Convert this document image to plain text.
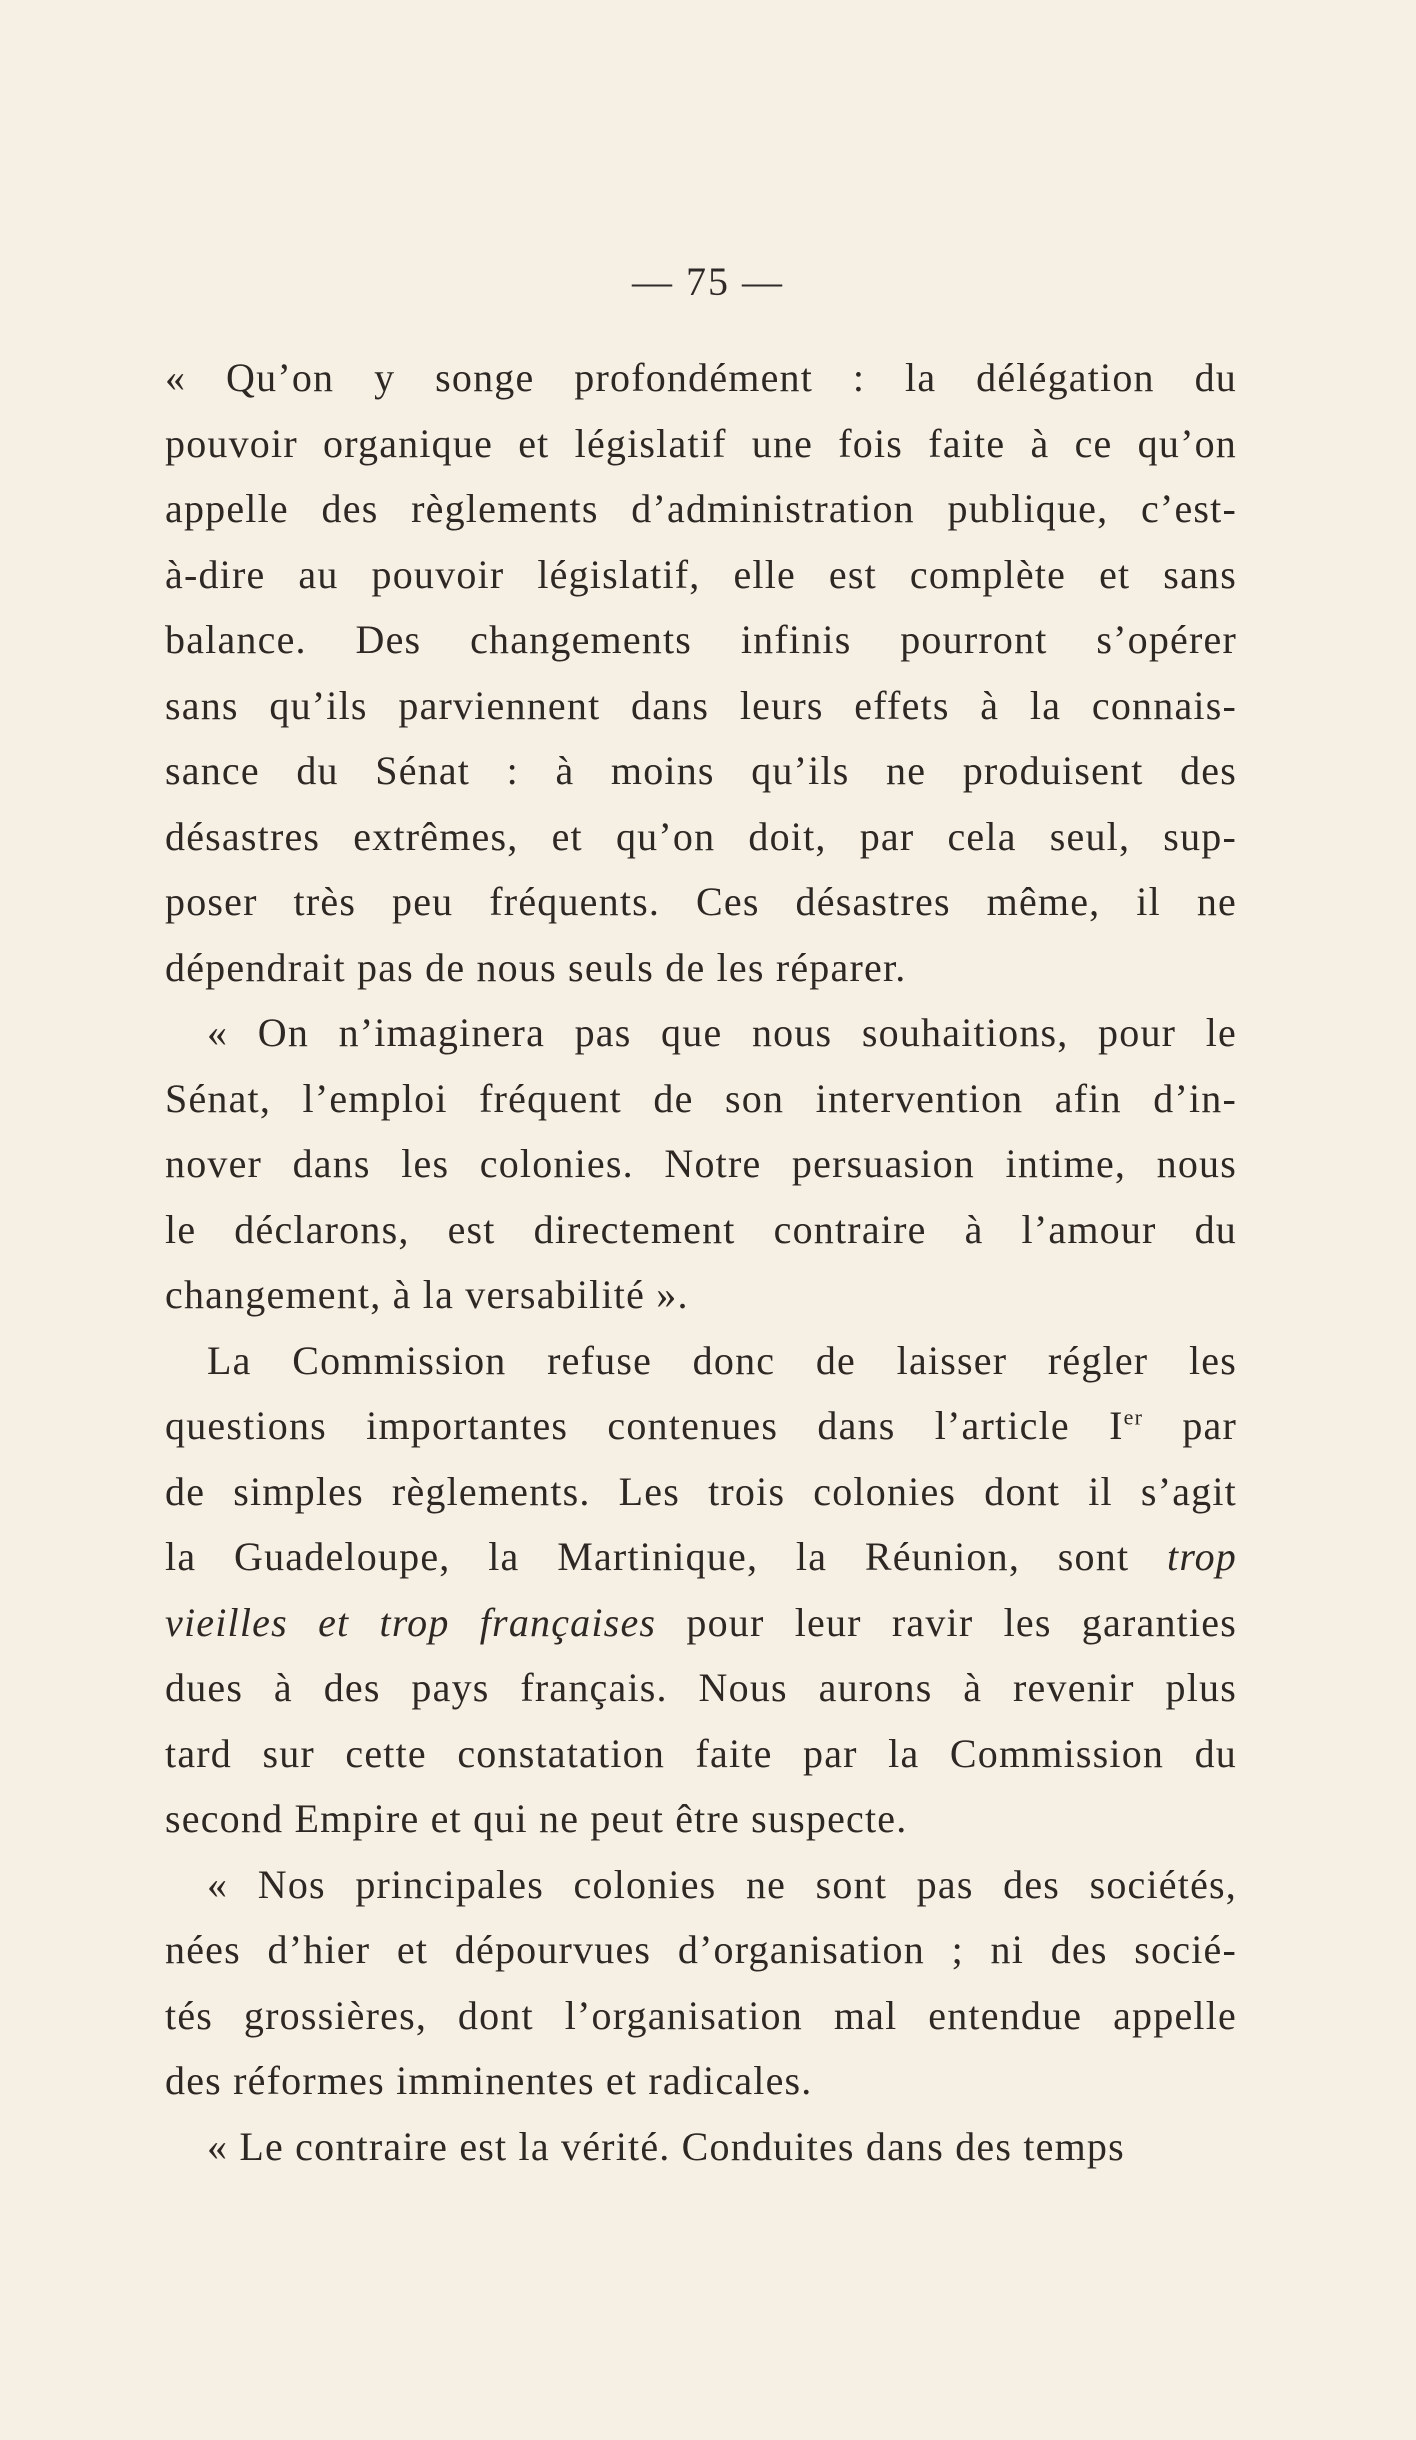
— 75 —
« Qu’on y songe profondément : la délégation du
pouvoir organique et législatif une fois faite à ce qu’on
appelle des règlements d’administration publique, c’est-
à-dire au pouvoir législatif, elle est complète et sans
balance. Des changements infinis pourront s’opérer
sans qu’ils parviennent dans leurs effets à la connais-
sance du Sénat : à moins qu’ils ne produisent des
désastres extrêmes, et qu’on doit, par cela seul, sup-
poser très peu fréquents. Ces désastres même, il ne
dépendrait pas de nous seuls de les réparer.
« On n’imaginera pas que nous souhaitions, pour le
Sénat, l’emploi fréquent de son intervention afin d’in-
nover dans les colonies. Notre persuasion intime, nous
le déclarons, est directement contraire à l’amour du
changement, à la versabilité ».
La Commission refuse donc de laisser régler les
questions importantes contenues dans l’article Ier par
de simples règlements. Les trois colonies dont il s’agit
la Guadeloupe, la Martinique, la Réunion, sont trop
vieilles et trop françaises pour leur ravir les garanties
dues à des pays français. Nous aurons à revenir plus
tard sur cette constatation faite par la Commission du
second Empire et qui ne peut être suspecte.
« Nos principales colonies ne sont pas des sociétés,
nées d’hier et dépourvues d’organisation ; ni des socié-
tés grossières, dont l’organisation mal entendue appelle
des réformes imminentes et radicales.
« Le contraire est la vérité. Conduites dans des temps
